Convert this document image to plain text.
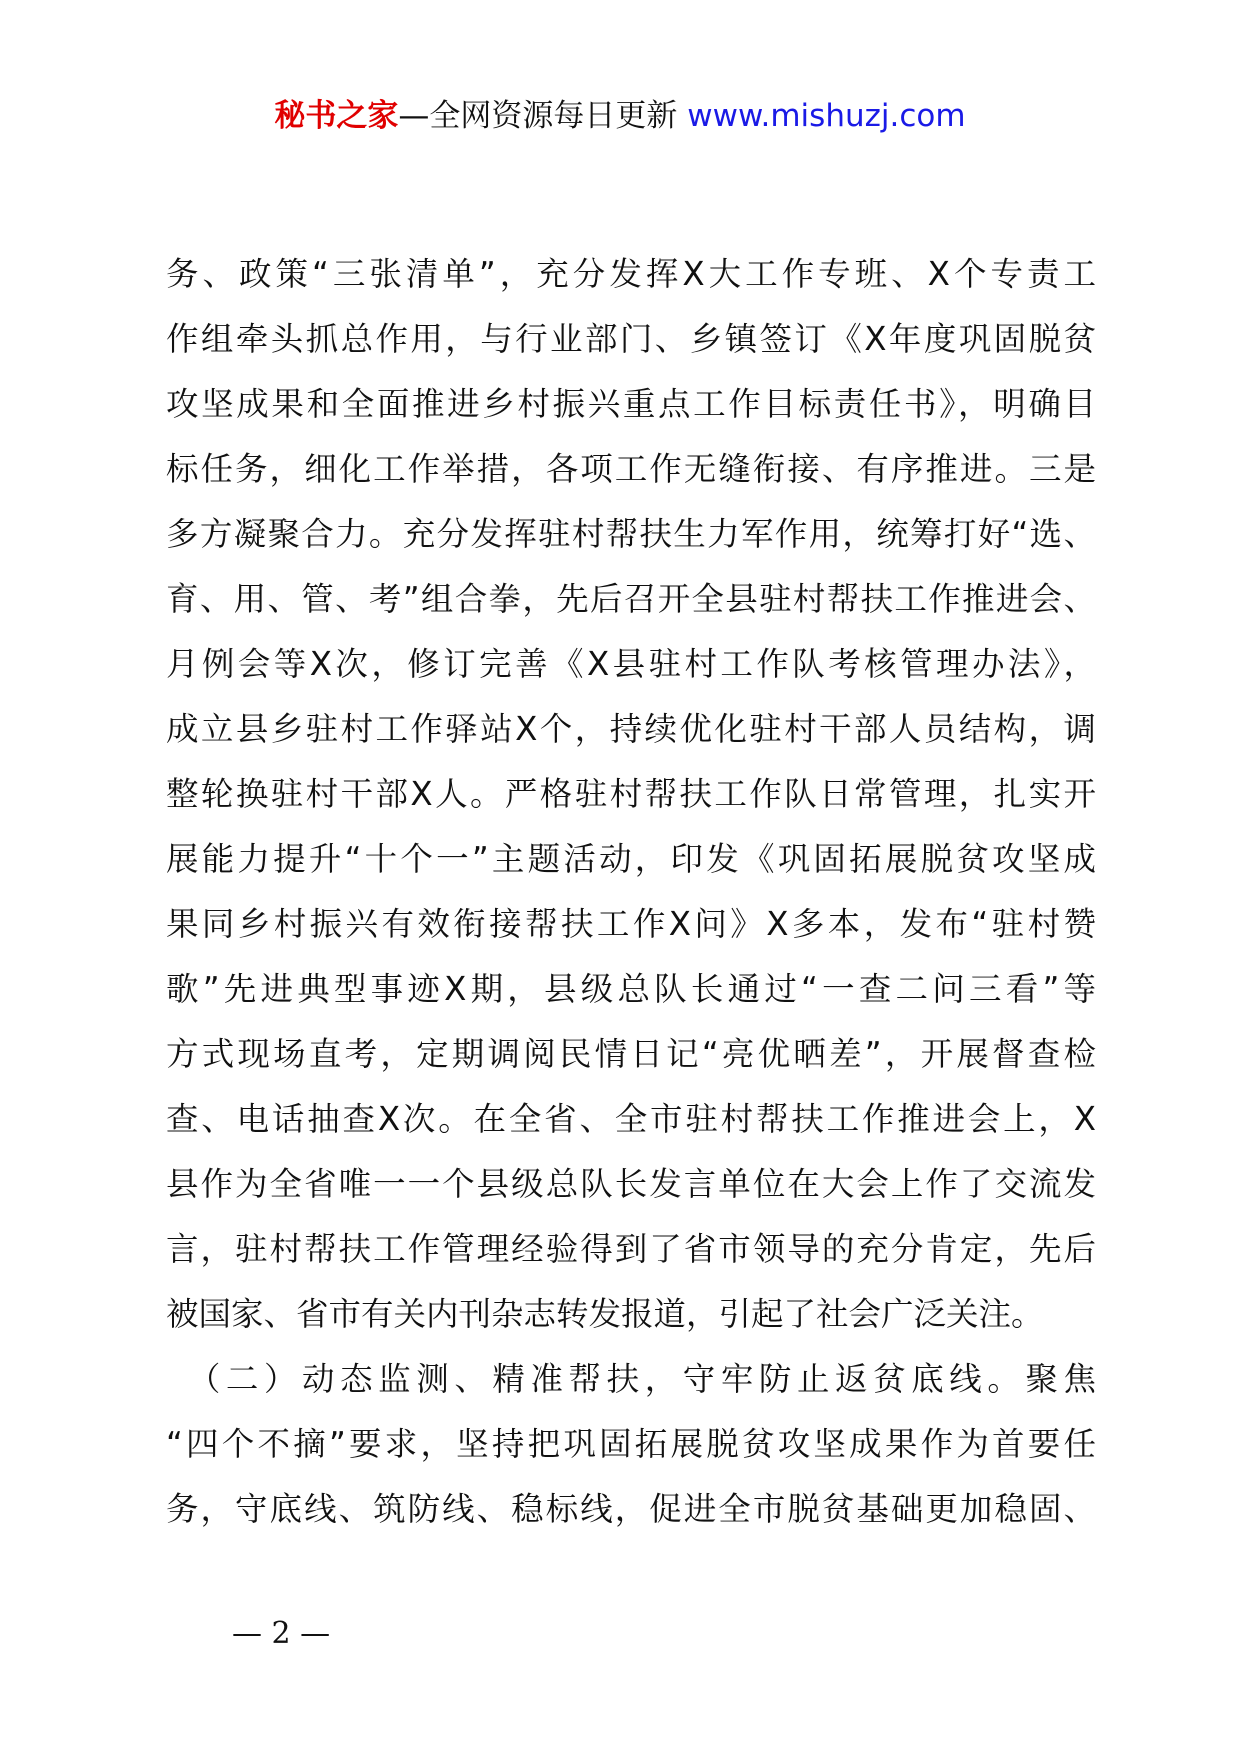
秘书之家—全网资源每日更新 www.mishuzj.com
务、政策“三张清单”，充分发挥X大工作专班、X个专责工
作组牵头抓总作用，与行业部门、乡镇签订《X年度巩固脱贫
攻坚成果和全面推进乡村振兴重点工作目标责任书》，明确目
标任务，细化工作举措，各项工作无缝衔接、有序推进。三是
多方凝聚合力。充分发挥驻村帮扶生力军作用，统筹打好“选、
育、用、管、考”组合拳，先后召开全县驻村帮扶工作推进会、
月例会等X次，修订完善《X县驻村工作队考核管理办法》，
成立县乡驻村工作驿站X个，持续优化驻村干部人员结构，调
整轮换驻村干部X人。严格驻村帮扶工作队日常管理，扎实开
展能力提升“十个一”主题活动，印发《巩固拓展脱贫攻坚成
果同乡村振兴有效衔接帮扶工作X问》X多本，发布“驻村赞
歌”先进典型事迹X期，县级总队长通过“一查二问三看”等
方式现场直考，定期调阅民情日记“亮优晒差”，开展督查检
查、电话抽查X次。在全省、全市驻村帮扶工作推进会上，X
县作为全省唯一一个县级总队长发言单位在大会上作了交流发
言，驻村帮扶工作管理经验得到了省市领导的充分肯定，先后
被国家、省市有关内刊杂志转发报道，引起了社会广泛关注。
　（二）动态监测、精准帮扶，守牢防止返贫底线。聚焦
“四个不摘”要求，坚持把巩固拓展脱贫攻坚成果作为首要任
务，守底线、筑防线、稳标线，促进全市脱贫基础更加稳固、
— 2 —
